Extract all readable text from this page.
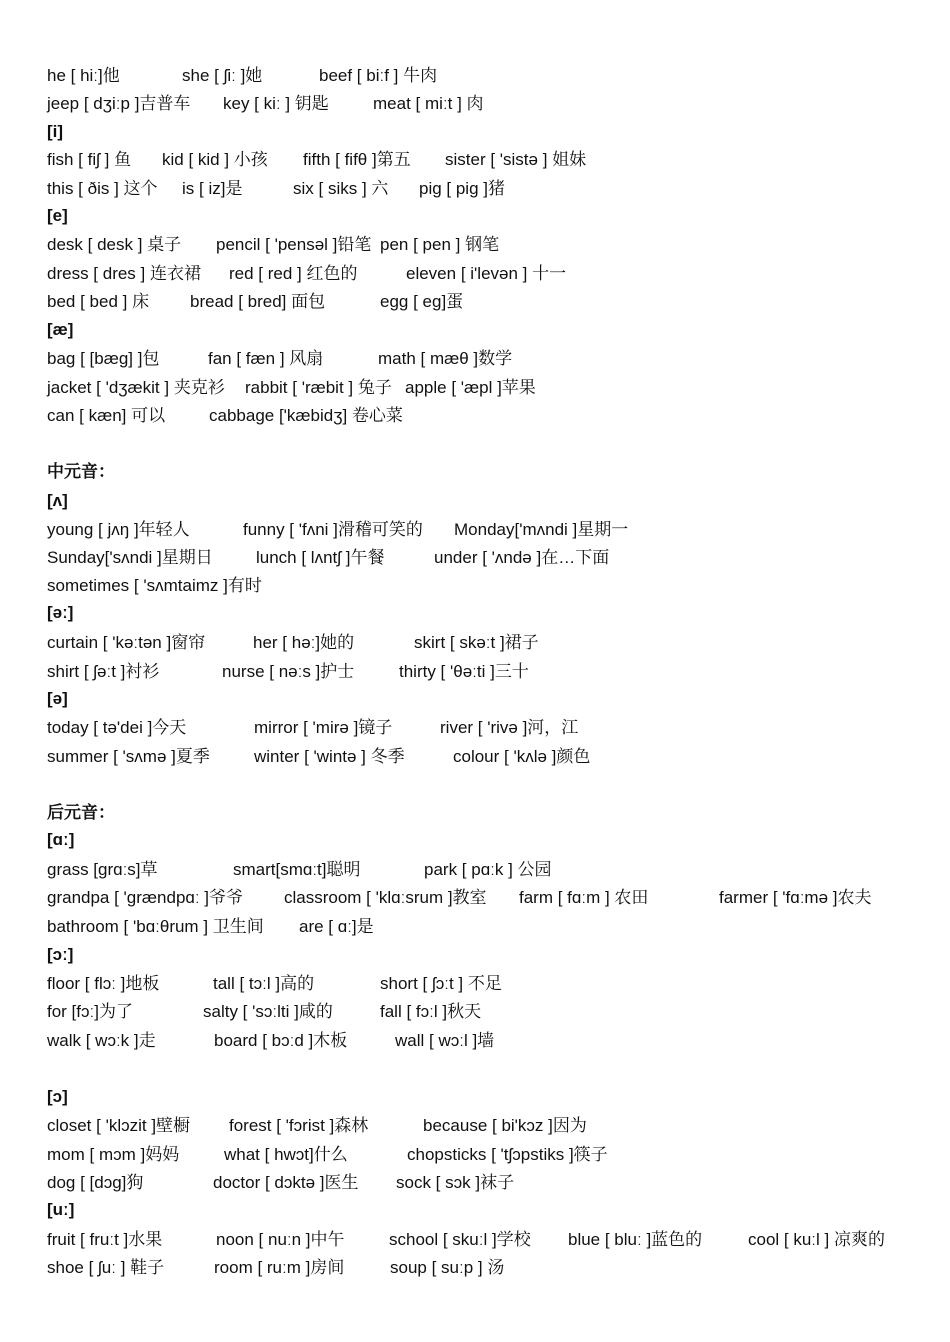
he [ hiː]他	she [ ʃiː ]她	beef [ biːf ] 牛肉
jeep [ dʒiːp ]吉普车 key [ kiː ] 钥匙	meat [ miːt ] 肉
[i]
fish [ fiʃ ] 鱼 kid [ kid ] 小孩 fifth [ fifθ ]第五 sister [ 'sistə ] 姐妹
this [ ðis ] 这个 is [ iz]是	six [ siks ] 六 pig [ pig ]猪
[e]
desk [ desk ] 桌子 pencil [ 'pensəl ]铅笔 pen [ pen ] 钢笔
dress [ dres ] 连衣裙 red [ red ] 红色的	eleven [ i'levən ] 十一
bed [ bed ] 床 bread [ bred] 面包	egg [ eg]蛋
[æ]
bag [ [bæg] ]包	fan [ fæn ] 风扇	math [ mæθ ]数学
jacket [ 'dʒækit ] 夹克衫 rabbit [ 'ræbit ] 兔子 apple [ 'æpl ]苹果
can [ kæn] 可以	cabbage ['kæbidʒ] 卷心菜
中元音：
[ʌ]
young [ jʌŋ ]年轻人	funny [ 'fʌni ]滑稽可笑的 Monday['mʌndi ]星期一
Sunday['sʌndi ]星期日	lunch [ lʌntʃ ]午餐	under [ 'ʌndə ]在…下面
sometimes [ 'sʌmtaimz ]有时
[əː]
curtain [ 'kəːtən ]窗帘	her [ həː]她的	skirt [ skəːt ]裙子
shirt [ ʃəːt ]衬衫	nurse [ nəːs ]护士	thirty [ 'θəːti ]三十
[ə]
today [ tə'dei ]今天	mirror [ 'mirə ]镜子	river [ 'rivə ]河，江
summer [ 'sʌmə ]夏季	winter [ 'wintə ] 冬季	colour [ 'kʌlə ]颜色
后元音：
[ɑː]
grass [grɑːs]草	smart[smɑːt]聪明	park [ pɑːk ] 公园
grandpa [ 'grændpɑː ]爷爷 classroom [ 'klɑːsrum ]教室 farm [ fɑːm ] 农田	farmer [ 'fɑːmə ]农夫
bathroom [ 'bɑːθrum ] 卫生间 are [ ɑː]是
[ɔː]
floor [ flɔː ]地板	tall [ tɔːl ]高的	short [ ʃɔːt ] 不足
for [fɔː]为了	salty [ 'sɔːlti ]咸的	fall [ fɔːl ]秋天
walk [ wɔːk ]走	board [ bɔːd ]木板	wall [ wɔːl ]墙
[ɔ]
closet [ 'klɔzit ]壁橱 forest [ 'fɔrist ]森林	because [ bi'kɔz ]因为
mom [ mɔm ]妈妈	what [ hwɔt]什么	chopsticks [ 'tʃɔpstiks ]筷子
dog [ [dɔg]狗	doctor [ dɔktə ]医生 sock [ sɔk ]袜子
[uː]
fruit [ fruːt ]水果	noon [ nuːn ]中午	school [ skuːl ]学校 blue [ bluː ]蓝色的	cool [ kuːl ] 凉爽的
shoe [ ʃuː ] 鞋子	room [ ruːm ]房间	soup [ suːp ] 汤
